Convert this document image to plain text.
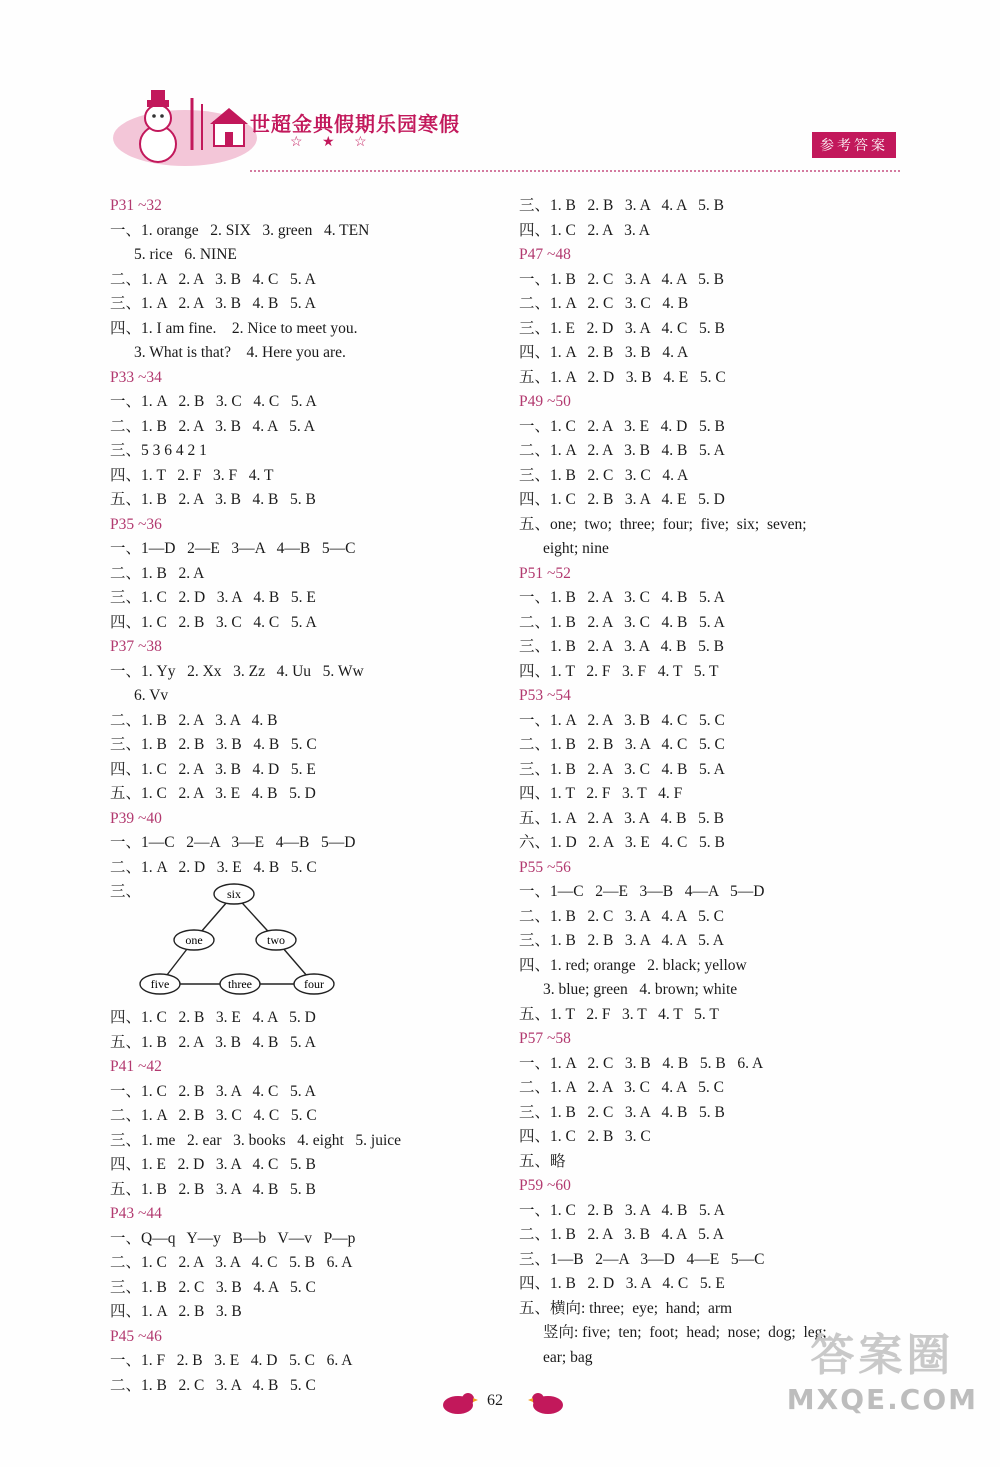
世超金典假期乐园寒假
☆ ★ ☆	参考答案
P31 ~32
一、1. orange   2. SIX   3. green   4. TEN
5. rice   6. NINE
二、1. A   2. A   3. B   4. C   5. A
三、1. A   2. A   3. B   4. B   5. A
四、1. I am fine.    2. Nice to meet you.
3. What is that?    4. Here you are.
P33 ~34
一、1. A   2. B   3. C   4. C   5. A
二、1. B   2. A   3. B   4. A   5. A
三、5 3 6 4 2 1
四、1. T   2. F   3. F   4. T
五、1. B   2. A   3. B   4. B   5. B
P35 ~36
一、1—D   2—E   3—A   4—B   5—C
二、1. B   2. A
三、1. C   2. D   3. A   4. B   5. E
四、1. C   2. B   3. C   4. C   5. A
P37 ~38
一、1. Yy   2. Xx   3. Zz   4. Uu   5. Ww
6. Vv
二、1. B   2. A   3. A   4. B
三、1. B   2. B   3. B   4. B   5. C
四、1. C   2. A   3. B   4. D   5. E
五、1. C   2. A   3. E   4. B   5. D
P39 ~40
一、1—C   2—A   3—E   4—B   5—D
二、1. A   2. D   3. E   4. B   5. C
三、	six
one	two
five	three	four
四、1. C   2. B   3. E   4. A   5. D
五、1. B   2. A   3. B   4. B   5. A
P41 ~42
一、1. C   2. B   3. A   4. C   5. A
二、1. A   2. B   3. C   4. C   5. C
三、1. me   2. ear   3. books   4. eight   5. juice
四、1. E   2. D   3. A   4. C   5. B
五、1. B   2. B   3. A   4. B   5. B
P43 ~44
一、Q—q   Y—y   B—b   V—v   P—p
二、1. C   2. A   3. A   4. C   5. B   6. A
三、1. B   2. C   3. B   4. A   5. C
四、1. A   2. B   3. B
P45 ~46
一、1. F   2. B   3. E   4. D   5. C   6. A
二、1. B   2. C   3. A   4. B   5. C
三、1. B   2. B   3. A   4. A   5. B
四、1. C   2. A   3. A
P47 ~48
一、1. B   2. C   3. A   4. A   5. B
二、1. A   2. C   3. C   4. B
三、1. E   2. D   3. A   4. C   5. B
四、1. A   2. B   3. B   4. A
五、1. A   2. D   3. B   4. E   5. C
P49 ~50
一、1. C   2. A   3. E   4. D   5. B
二、1. A   2. A   3. B   4. B   5. A
三、1. B   2. C   3. C   4. A
四、1. C   2. B   3. A   4. E   5. D
五、one;  two;  three;  four;  five;  six;  seven;
eight; nine
P51 ~52
一、1. B   2. A   3. C   4. B   5. A
二、1. B   2. A   3. C   4. B   5. A
三、1. B   2. A   3. A   4. B   5. B
四、1. T   2. F   3. F   4. T   5. T
P53 ~54
一、1. A   2. A   3. B   4. C   5. C
二、1. B   2. B   3. A   4. C   5. C
三、1. B   2. A   3. C   4. B   5. A
四、1. T   2. F   3. T   4. F
五、1. A   2. A   3. A   4. B   5. B
六、1. D   2. A   3. E   4. C   5. B
P55 ~56
一、1—C   2—E   3—B   4—A   5—D
二、1. B   2. C   3. A   4. A   5. C
三、1. B   2. B   3. A   4. A   5. A
四、1. red; orange   2. black; yellow
3. blue; green   4. brown; white
五、1. T   2. F   3. T   4. T   5. T
P57 ~58
一、1. A   2. C   3. B   4. B   5. B   6. A
二、1. A   2. A   3. C   4. A   5. C
三、1. B   2. C   3. A   4. B   5. B
四、1. C   2. B   3. C
五、略
P59 ~60
一、1. C   2. B   3. A   4. B   5. A
二、1. B   2. A   3. B   4. A   5. A
三、1—B   2—A   3—D   4—E   5—C
四、1. B   2. D   3. A   4. C   5. E
五、横向: three;  eye;  hand;  arm
竖向: five;  ten;  foot;  head;  nose;  dog;  leg;
ear; bag
62
答案圈
MXQE.COM
